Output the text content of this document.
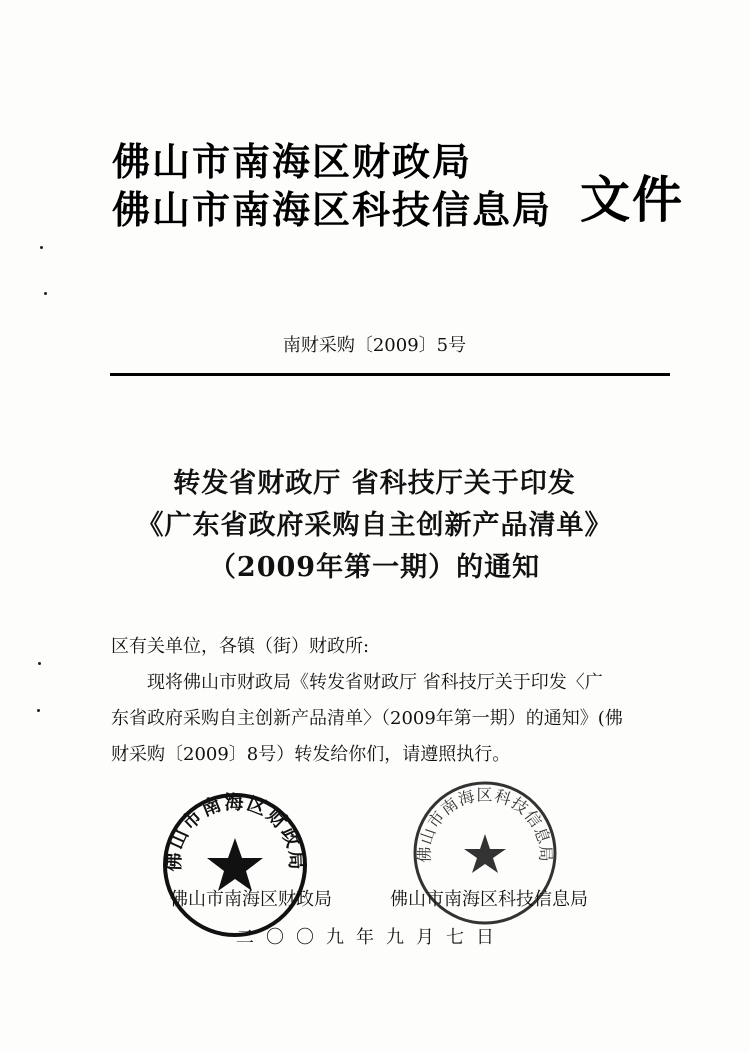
佛山市南海区财政局
佛山市南海区科技信息局 文件
南财采购〔2009〕5号
转发省财政厅 省科技厅关于印发
《广东省政府采购自主创新产品清单》
（2009年第一期）的通知
区有关单位，各镇（街）财政所:
现将佛山市财政局《转发省财政厅 省科技厅关于印发〈广
东省政府采购自主创新产品清单〉（2009年第一期）的通知》(佛
财采购〔2009〕8号）转发给你们，请遵照执行。
佛山市南海区财政局	佛山市南海区科技信息局
佛山市南海区财政局	佛山市南海区科技信息局
二〇〇九年九月七日
